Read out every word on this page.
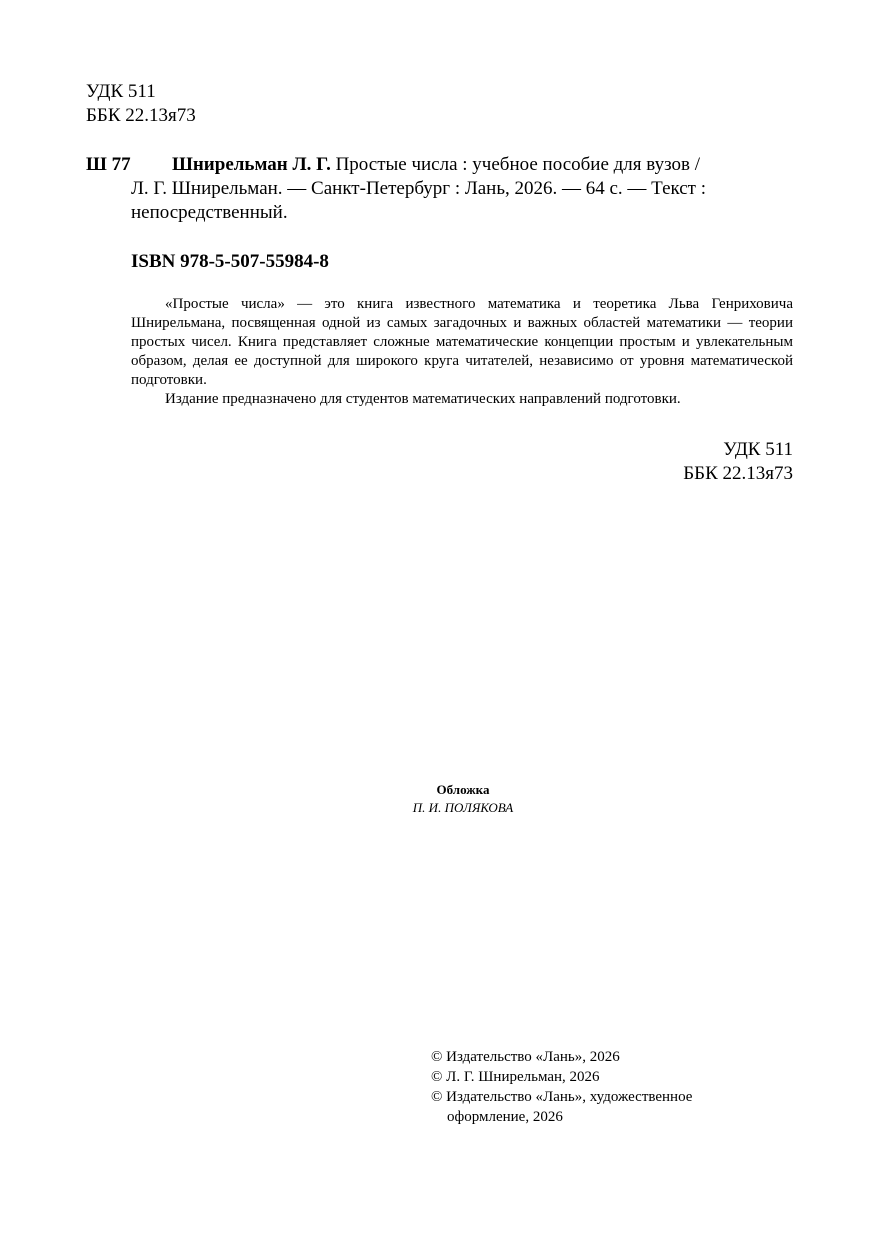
УДК 511
ББК 22.13я73
Ш 77	Шнирельман Л. Г. Простые числа : учебное пособие для вузов /
Л. Г. Шнирельман. — Санкт-Петербург : Лань, 2026. — 64 с. — Текст :
непосредственный.
ISBN 978-5-507-55984-8

«Простые числа» — это книга известного математика и теоретика Льва Генриховича Шнирельмана, посвященная одной из самых загадочных и важных областей математики — теории простых чисел. Книга представляет сложные математические концепции простым и увлекательным образом, делая ее доступной для широкого круга читателей, независимо от уровня математической подготовки.

Издание предназначено для студентов математических направлений подготовки.

УДК 511
ББК 22.13я73
Обложка
П. И. ПОЛЯКОВА
© Издательство «Лань», 2026
© Л. Г. Шнирельман, 2026
© Издательство «Лань», художественное
оформление, 2026
